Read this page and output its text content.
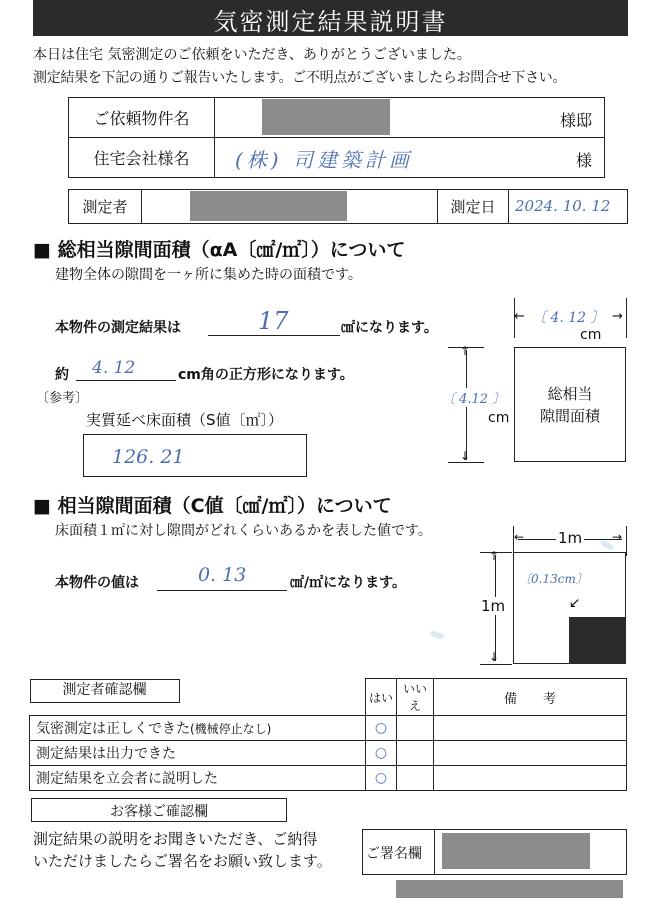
気密測定結果説明書
本日は住宅 気密測定のご依頼をいただき、ありがとうございました。
測定結果を下記の通りご報告いたします。ご不明点がございましたらお問合せ下さい。
ご依頼物件名	様邸

住宅会社様名	(株) 司建築計画 様
測定者		測定日	2024. 10. 12
■ 総相当隙間面積（αA〔㎠/㎡〕）について
建物全体の隙間を一ヶ所に集めた時の面積です。
本物件の測定結果は	17	㎠になります。
約 4. 12	cm角の正方形になります。
〔参考〕
実質延べ床面積（S値〔㎡〕）
126. 21
←	→
〔 4. 12 〕
cm
↑
↓
〔 4.12 〕
cm
総相当
隙間面積
■ 相当隙間面積（C値〔㎠/㎡〕）について
床面積１㎡に対し隙間がどれくらいあるかを表した値です。
本物件の値は	0. 13	㎠/㎡になります。
←	→
1m
↑
↓
1m
〔0.13cm〕
↓
測定者確認欄	はい	いいえ	備　　考
気密測定は正しくできた(機械停止なし)	○		
測定結果は出力できた	○		
測定結果を立会者に説明した	○		
お客様ご確認欄
測定結果の説明をお聞きいただき、ご納得
いただけましたらご署名をお願い致します。 ご署名欄
